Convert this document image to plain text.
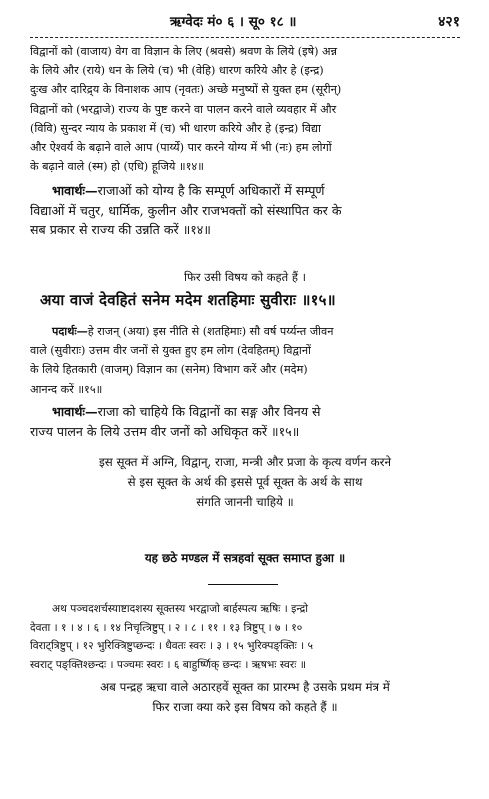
ऋग्वेदः मं० ६ । सू० १८ ॥	४२१
विद्वानों को (वाजाय) वेग वा विज्ञान के लिए (श्रवसे) श्रवण के लिये (इषे) अन्न
के लिये और (राये) धन के लिये (च) भी (वेहि) धारण करिये और हे (इन्द्र)
दुःख और दारिद्र्य के विनाशक आप (नृवतः) अच्छे मनुष्यों से युक्त हम (सूरीन्)
विद्वानों को (भरद्वाजे) राज्य के पुष्ट करने वा पालन करने वाले व्यवहार में और
(विवि) सुन्दर न्याय के प्रकाश में (च) भी धारण करिये और हे (इन्द्र) विद्या
और ऐश्वर्य के बढ़ाने वाले आप (पार्य्ये) पार करने योग्य में भी (नः) हम लोगों
के बढ़ाने वाले (स्म) हो (एधि) हूजिये ॥१४॥
भावार्थः—राजाओं को योग्य है कि सम्पूर्ण अधिकारों में सम्पूर्ण
विद्याओं में चतुर, धार्मिक, कुलीन और राजभक्तों को संस्थापित कर के
सब प्रकार से राज्य की उन्नति करें ॥१४॥
फिर उसी विषय को कहते हैं ।
अया वाजं देवहितं सनेम मदेम शतहिमाः सुवीराः ॥१५॥
पदार्थः—हे राजन् (अया) इस नीति से (शतहिमाः) सौ वर्ष पर्य्यन्त जीवन
वाले (सुवीराः) उत्तम वीर जनों से युक्त हुए हम लोग (देवहितम्) विद्वानों
के लिये हितकारी (वाजम्) विज्ञान का (सनेम) विभाग करें और (मदेम)
आनन्द करें ॥१५॥
भावार्थः—राजा को चाहिये कि विद्वानों का सङ्ग और विनय से
राज्य पालन के लिये उत्तम वीर जनों को अधिकृत करें ॥१५॥
इस सूक्त में अग्नि, विद्वान्, राजा, मन्त्री और प्रजा के कृत्य वर्णन करने
से इस सूक्त के अर्थ की इससे पूर्व सूक्त के अर्थ के साथ
संगति जाननी चाहिये ॥
यह छठे मण्डल में सत्रहवां सूक्त समाप्त हुआ ॥
अथ पञ्चदशर्चस्याष्टादशस्य सूक्तस्य भरद्वाजो बार्हस्पत्य ऋषिः । इन्द्रो
देवता । १ । ४ । ६ । १४ निचृत्त्रिष्टुप् । २ । ८ । ११ । १३ त्रिष्टुप् । ७ । १०
विराट्त्रिष्टुप् । १२ भुरिक्त्रिष्टुप्छन्दः । धैवतः स्वरः । ३ । १५ भुरिक्पङ्क्तिः । ५
स्वराट् पङ्क्तिश्छन्दः । पञ्चमः स्वरः । ६ बाहुर्ष्णिक् छन्दः । ऋषभः स्वरः ॥
अब पन्द्रह ऋचा वाले अठारहवें सूक्त का प्रारम्भ है उसके प्रथम मंत्र में
फिर राजा क्या करे इस विषय को कहते हैं ॥
